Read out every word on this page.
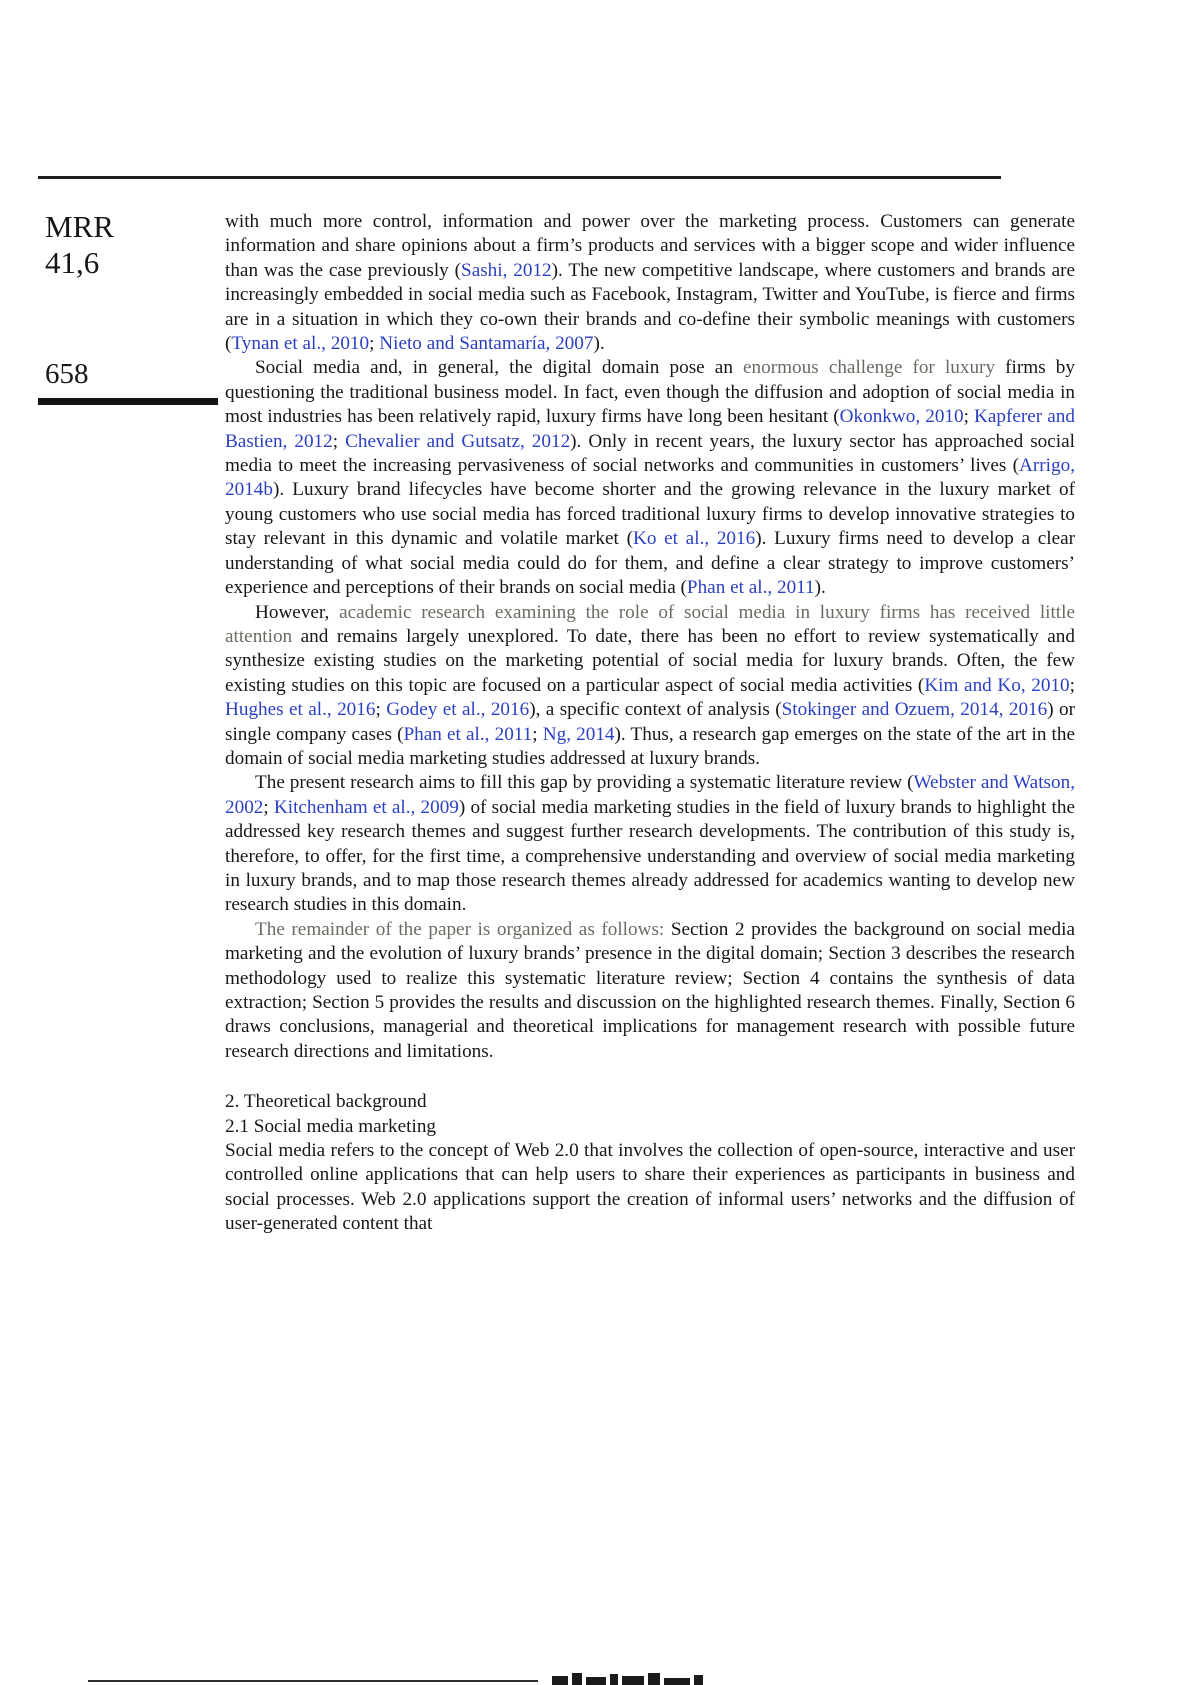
MRR
41,6
658

with much more control, information and power over the marketing process. Customers can generate information and share opinions about a firm’s products and services with a bigger scope and wider influence than was the case previously (Sashi, 2012). The new competitive landscape, where customers and brands are increasingly embedded in social media such as Facebook, Instagram, Twitter and YouTube, is fierce and firms are in a situation in which they co-own their brands and co-define their symbolic meanings with customers (Tynan et al., 2010; Nieto and Santamaría, 2007).

Social media and, in general, the digital domain pose an enormous challenge for luxury firms by questioning the traditional business model. In fact, even though the diffusion and adoption of social media in most industries has been relatively rapid, luxury firms have long been hesitant (Okonkwo, 2010; Kapferer and Bastien, 2012; Chevalier and Gutsatz, 2012). Only in recent years, the luxury sector has approached social media to meet the increasing pervasiveness of social networks and communities in customers’ lives (Arrigo, 2014b). Luxury brand lifecycles have become shorter and the growing relevance in the luxury market of young customers who use social media has forced traditional luxury firms to develop innovative strategies to stay relevant in this dynamic and volatile market (Ko et al., 2016). Luxury firms need to develop a clear understanding of what social media could do for them, and define a clear strategy to improve customers’ experience and perceptions of their brands on social media (Phan et al., 2011).

However, academic research examining the role of social media in luxury firms has received little attention and remains largely unexplored. To date, there has been no effort to review systematically and synthesize existing studies on the marketing potential of social media for luxury brands. Often, the few existing studies on this topic are focused on a particular aspect of social media activities (Kim and Ko, 2010; Hughes et al., 2016; Godey et al., 2016), a specific context of analysis (Stokinger and Ozuem, 2014, 2016) or single company cases (Phan et al., 2011; Ng, 2014). Thus, a research gap emerges on the state of the art in the domain of social media marketing studies addressed at luxury brands.

The present research aims to fill this gap by providing a systematic literature review (Webster and Watson, 2002; Kitchenham et al., 2009) of social media marketing studies in the field of luxury brands to highlight the addressed key research themes and suggest further research developments. The contribution of this study is, therefore, to offer, for the first time, a comprehensive understanding and overview of social media marketing in luxury brands, and to map those research themes already addressed for academics wanting to develop new research studies in this domain.

The remainder of the paper is organized as follows: Section 2 provides the background on social media marketing and the evolution of luxury brands’ presence in the digital domain; Section 3 describes the research methodology used to realize this systematic literature review; Section 4 contains the synthesis of data extraction; Section 5 provides the results and discussion on the highlighted research themes. Finally, Section 6 draws conclusions, managerial and theoretical implications for management research with possible future research directions and limitations.

2. Theoretical background

2.1 Social media marketing

Social media refers to the concept of Web 2.0 that involves the collection of open-source, interactive and user controlled online applications that can help users to share their experiences as participants in business and social processes. Web 2.0 applications support the creation of informal users’ networks and the diffusion of user-generated content that
